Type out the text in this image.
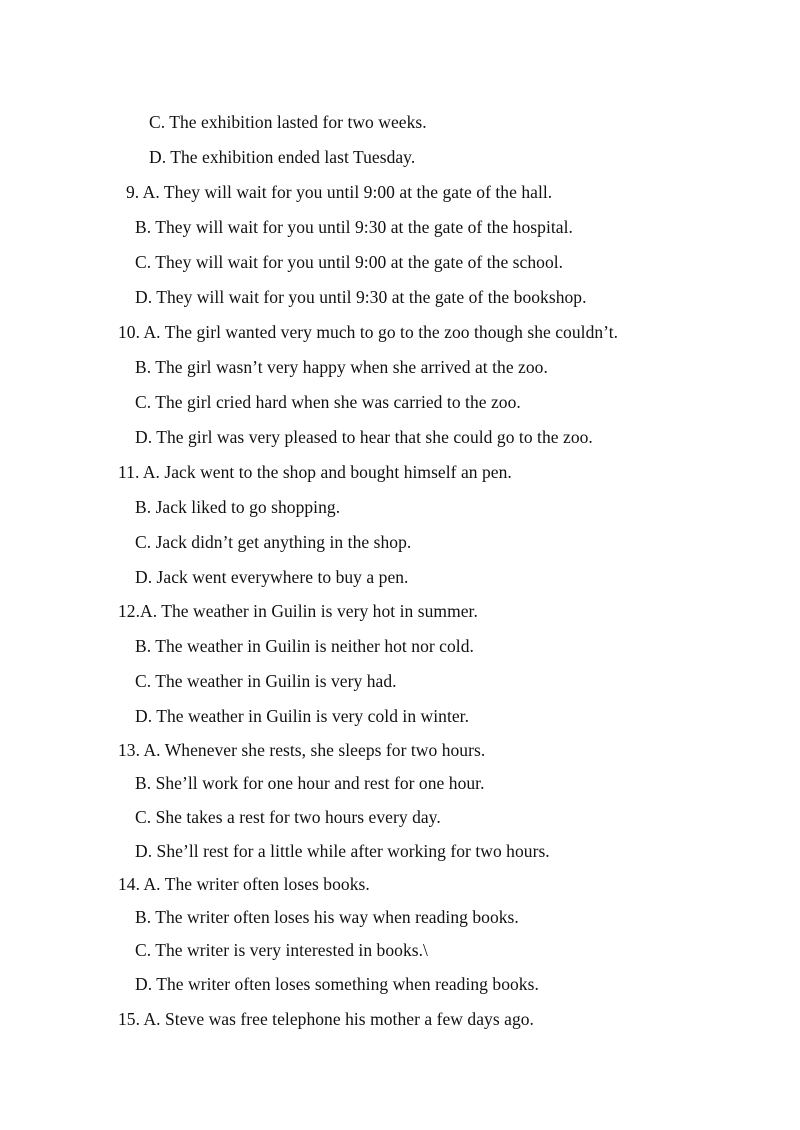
C. The exhibition lasted for two weeks.
D. The exhibition ended last Tuesday.
9. A. They will wait for you until 9:00 at the gate of the hall.
B. They will wait for you until 9:30 at the gate of the hospital.
C. They will wait for you until 9:00 at the gate of the school.
D. They will wait for you until 9:30 at the gate of the bookshop.
10. A. The girl wanted very much to go to the zoo though she couldn’t.
B. The girl wasn’t very happy when she arrived at the zoo.
C. The girl cried hard when she was carried to the zoo.
D. The girl was very pleased to hear that she could go to the zoo.
11. A. Jack went to the shop and bought himself an pen.
B. Jack liked to go shopping.
C. Jack didn’t get anything in the shop.
D. Jack went everywhere to buy a pen.
12.A. The weather in Guilin is very hot in summer.
B. The weather in Guilin is neither hot nor cold.
C. The weather in Guilin is very had.
D. The weather in Guilin is very cold in winter.
13. A. Whenever she rests, she sleeps for two hours.
B. She’ll work for one hour and rest for one hour.
C. She takes a rest for two hours every day.
D. She’ll rest for a little while after working for two hours.
14. A. The writer often loses books.
B. The writer often loses his way when reading books.
C. The writer is very interested in books.\
D. The writer often loses something when reading books.
15. A. Steve was free telephone his mother a few days ago.
